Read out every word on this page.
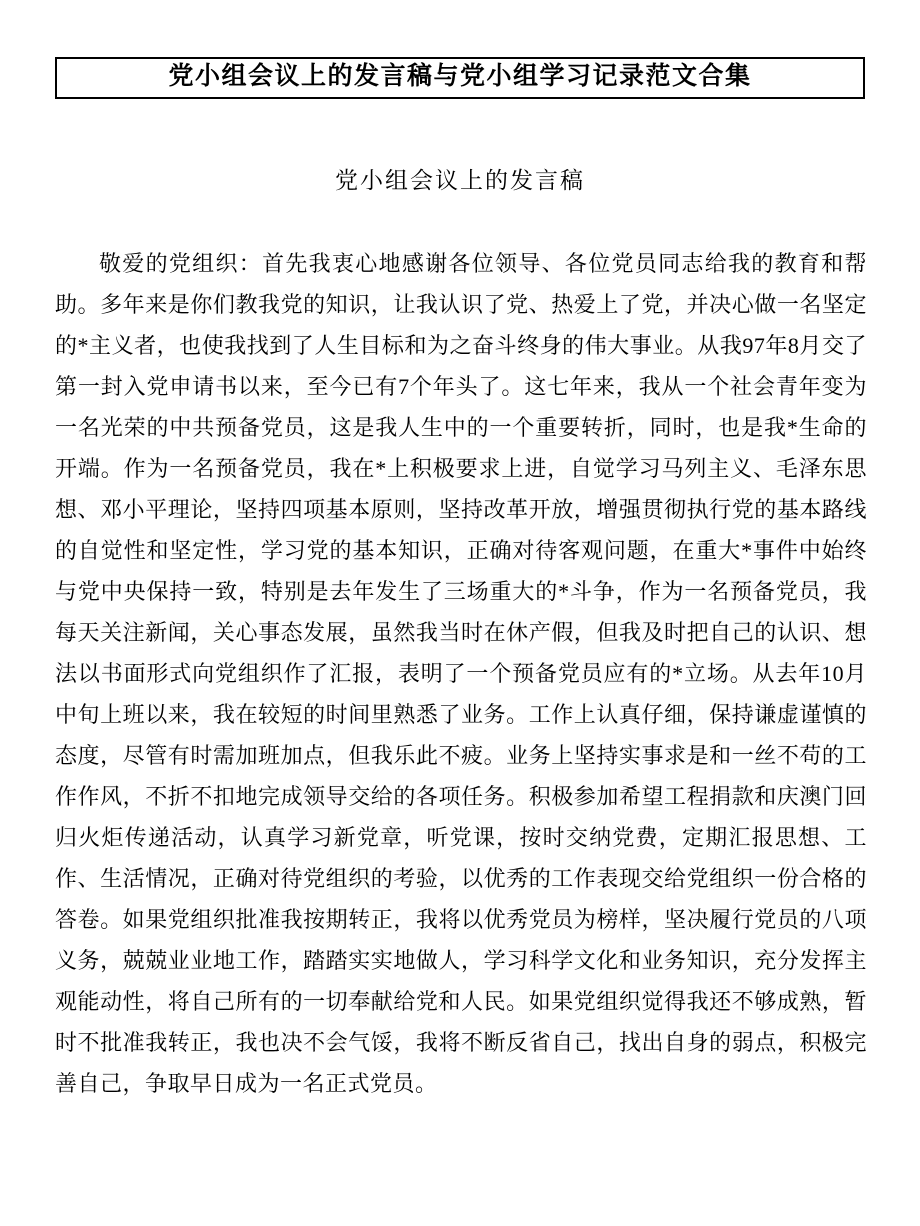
党小组会议上的发言稿与党小组学习记录范文合集
党小组会议上的发言稿
敬爱的党组织：首先我衷心地感谢各位领导、各位党员同志给我的教育和帮助。多年来是你们教我党的知识，让我认识了党、热爱上了党，并决心做一名坚定的*主义者，也使我找到了人生目标和为之奋斗终身的伟大事业。从我97年8月交了第一封入党申请书以来，至今已有7个年头了。这七年来，我从一个社会青年变为一名光荣的中共预备党员，这是我人生中的一个重要转折，同时，也是我*生命的开端。作为一名预备党员，我在*上积极要求上进，自觉学习马列主义、毛泽东思想、邓小平理论，坚持四项基本原则，坚持改革开放，增强贯彻执行党的基本路线的自觉性和坚定性，学习党的基本知识，正确对待客观问题，在重大*事件中始终与党中央保持一致，特别是去年发生了三场重大的*斗争，作为一名预备党员，我每天关注新闻，关心事态发展，虽然我当时在休产假，但我及时把自己的认识、想法以书面形式向党组织作了汇报，表明了一个预备党员应有的*立场。从去年10月中旬上班以来，我在较短的时间里熟悉了业务。工作上认真仔细，保持谦虚谨慎的态度，尽管有时需加班加点，但我乐此不疲。业务上坚持实事求是和一丝不苟的工作作风，不折不扣地完成领导交给的各项任务。积极参加希望工程捐款和庆澳门回归火炬传递活动，认真学习新党章，听党课，按时交纳党费，定期汇报思想、工作、生活情况，正确对待党组织的考验，以优秀的工作表现交给党组织一份合格的答卷。如果党组织批准我按期转正，我将以优秀党员为榜样，坚决履行党员的八项义务，兢兢业业地工作，踏踏实实地做人，学习科学文化和业务知识，充分发挥主观能动性，将自己所有的一切奉献给党和人民。如果党组织觉得我还不够成熟，暂时不批准我转正，我也决不会气馁，我将不断反省自己，找出自身的弱点，积极完善自己，争取早日成为一名正式党员。
